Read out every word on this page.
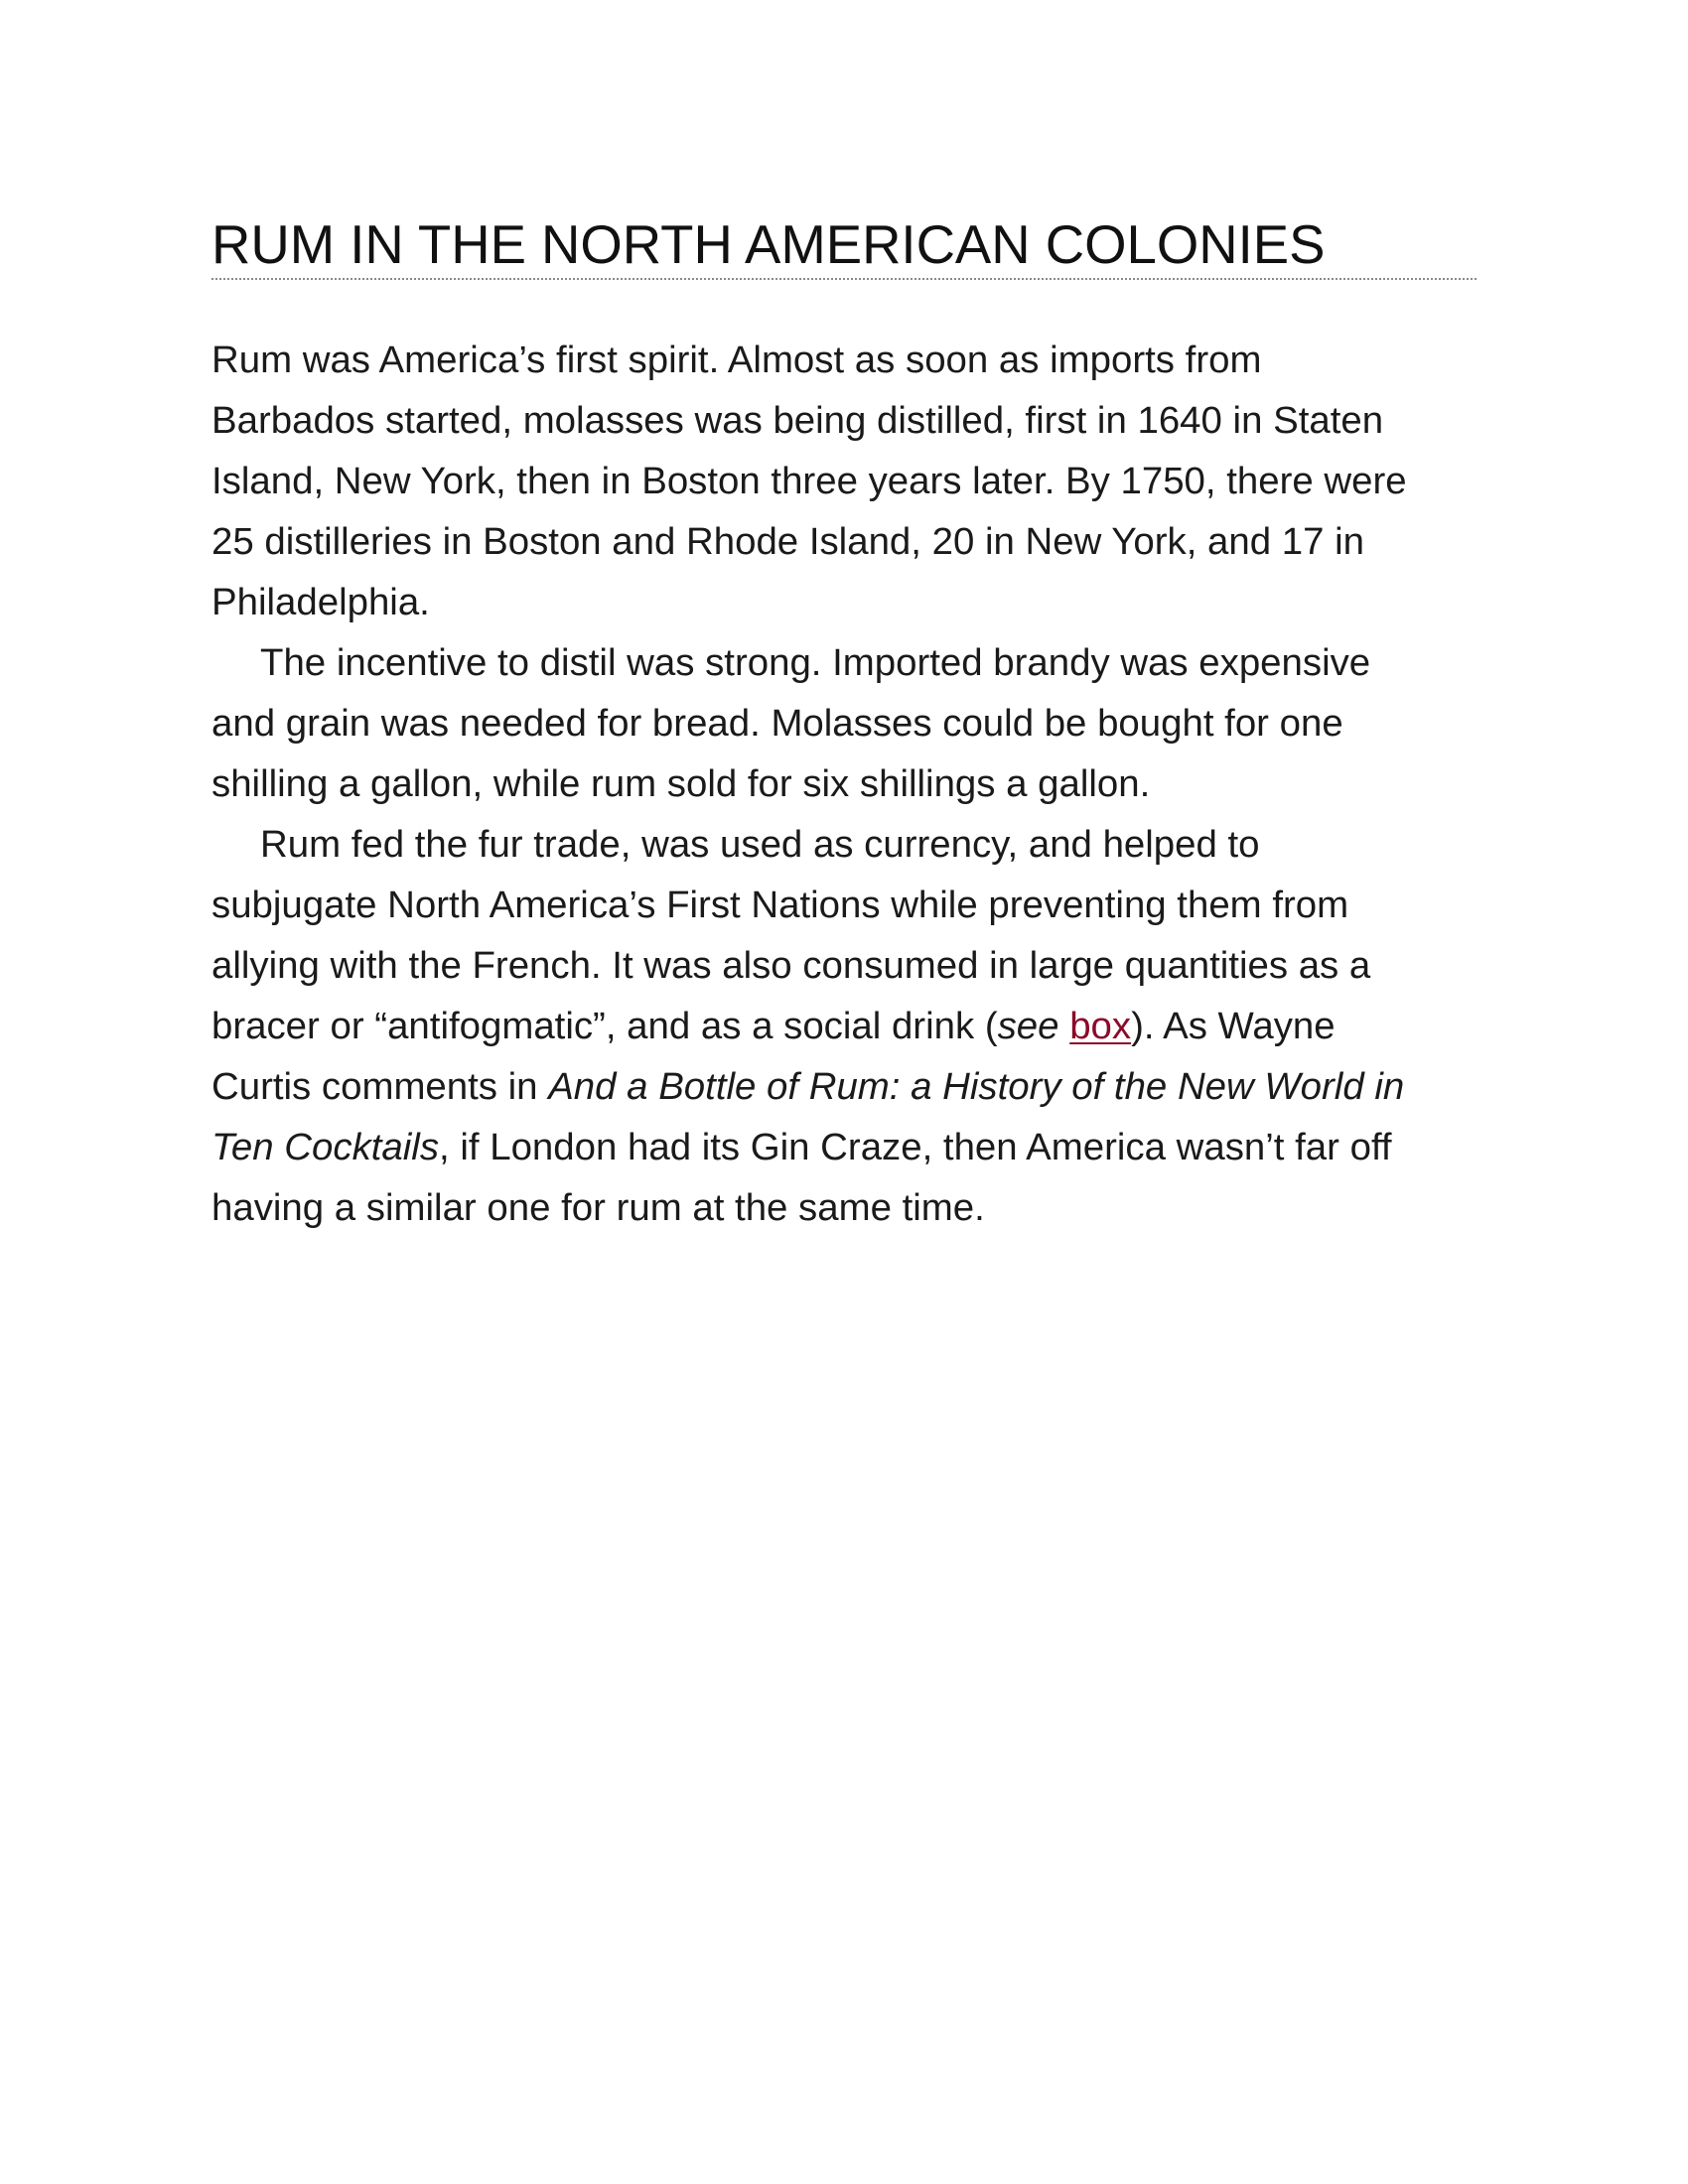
RUM IN THE NORTH AMERICAN COLONIES
Rum was America’s first spirit. Almost as soon as imports from
Barbados started, molasses was being distilled, first in 1640 in Staten
Island, New York, then in Boston three years later. By 1750, there were
25 distilleries in Boston and Rhode Island, 20 in New York, and 17 in
Philadelphia.
The incentive to distil was strong. Imported brandy was expensive
and grain was needed for bread. Molasses could be bought for one
shilling a gallon, while rum sold for six shillings a gallon.
Rum fed the fur trade, was used as currency, and helped to
subjugate North America’s First Nations while preventing them from
allying with the French. It was also consumed in large quantities as a
bracer or “antifogmatic”, and as a social drink (see box). As Wayne
Curtis comments in And a Bottle of Rum: a History of the New World in
Ten Cocktails, if London had its Gin Craze, then America wasn’t far off
having a similar one for rum at the same time.
